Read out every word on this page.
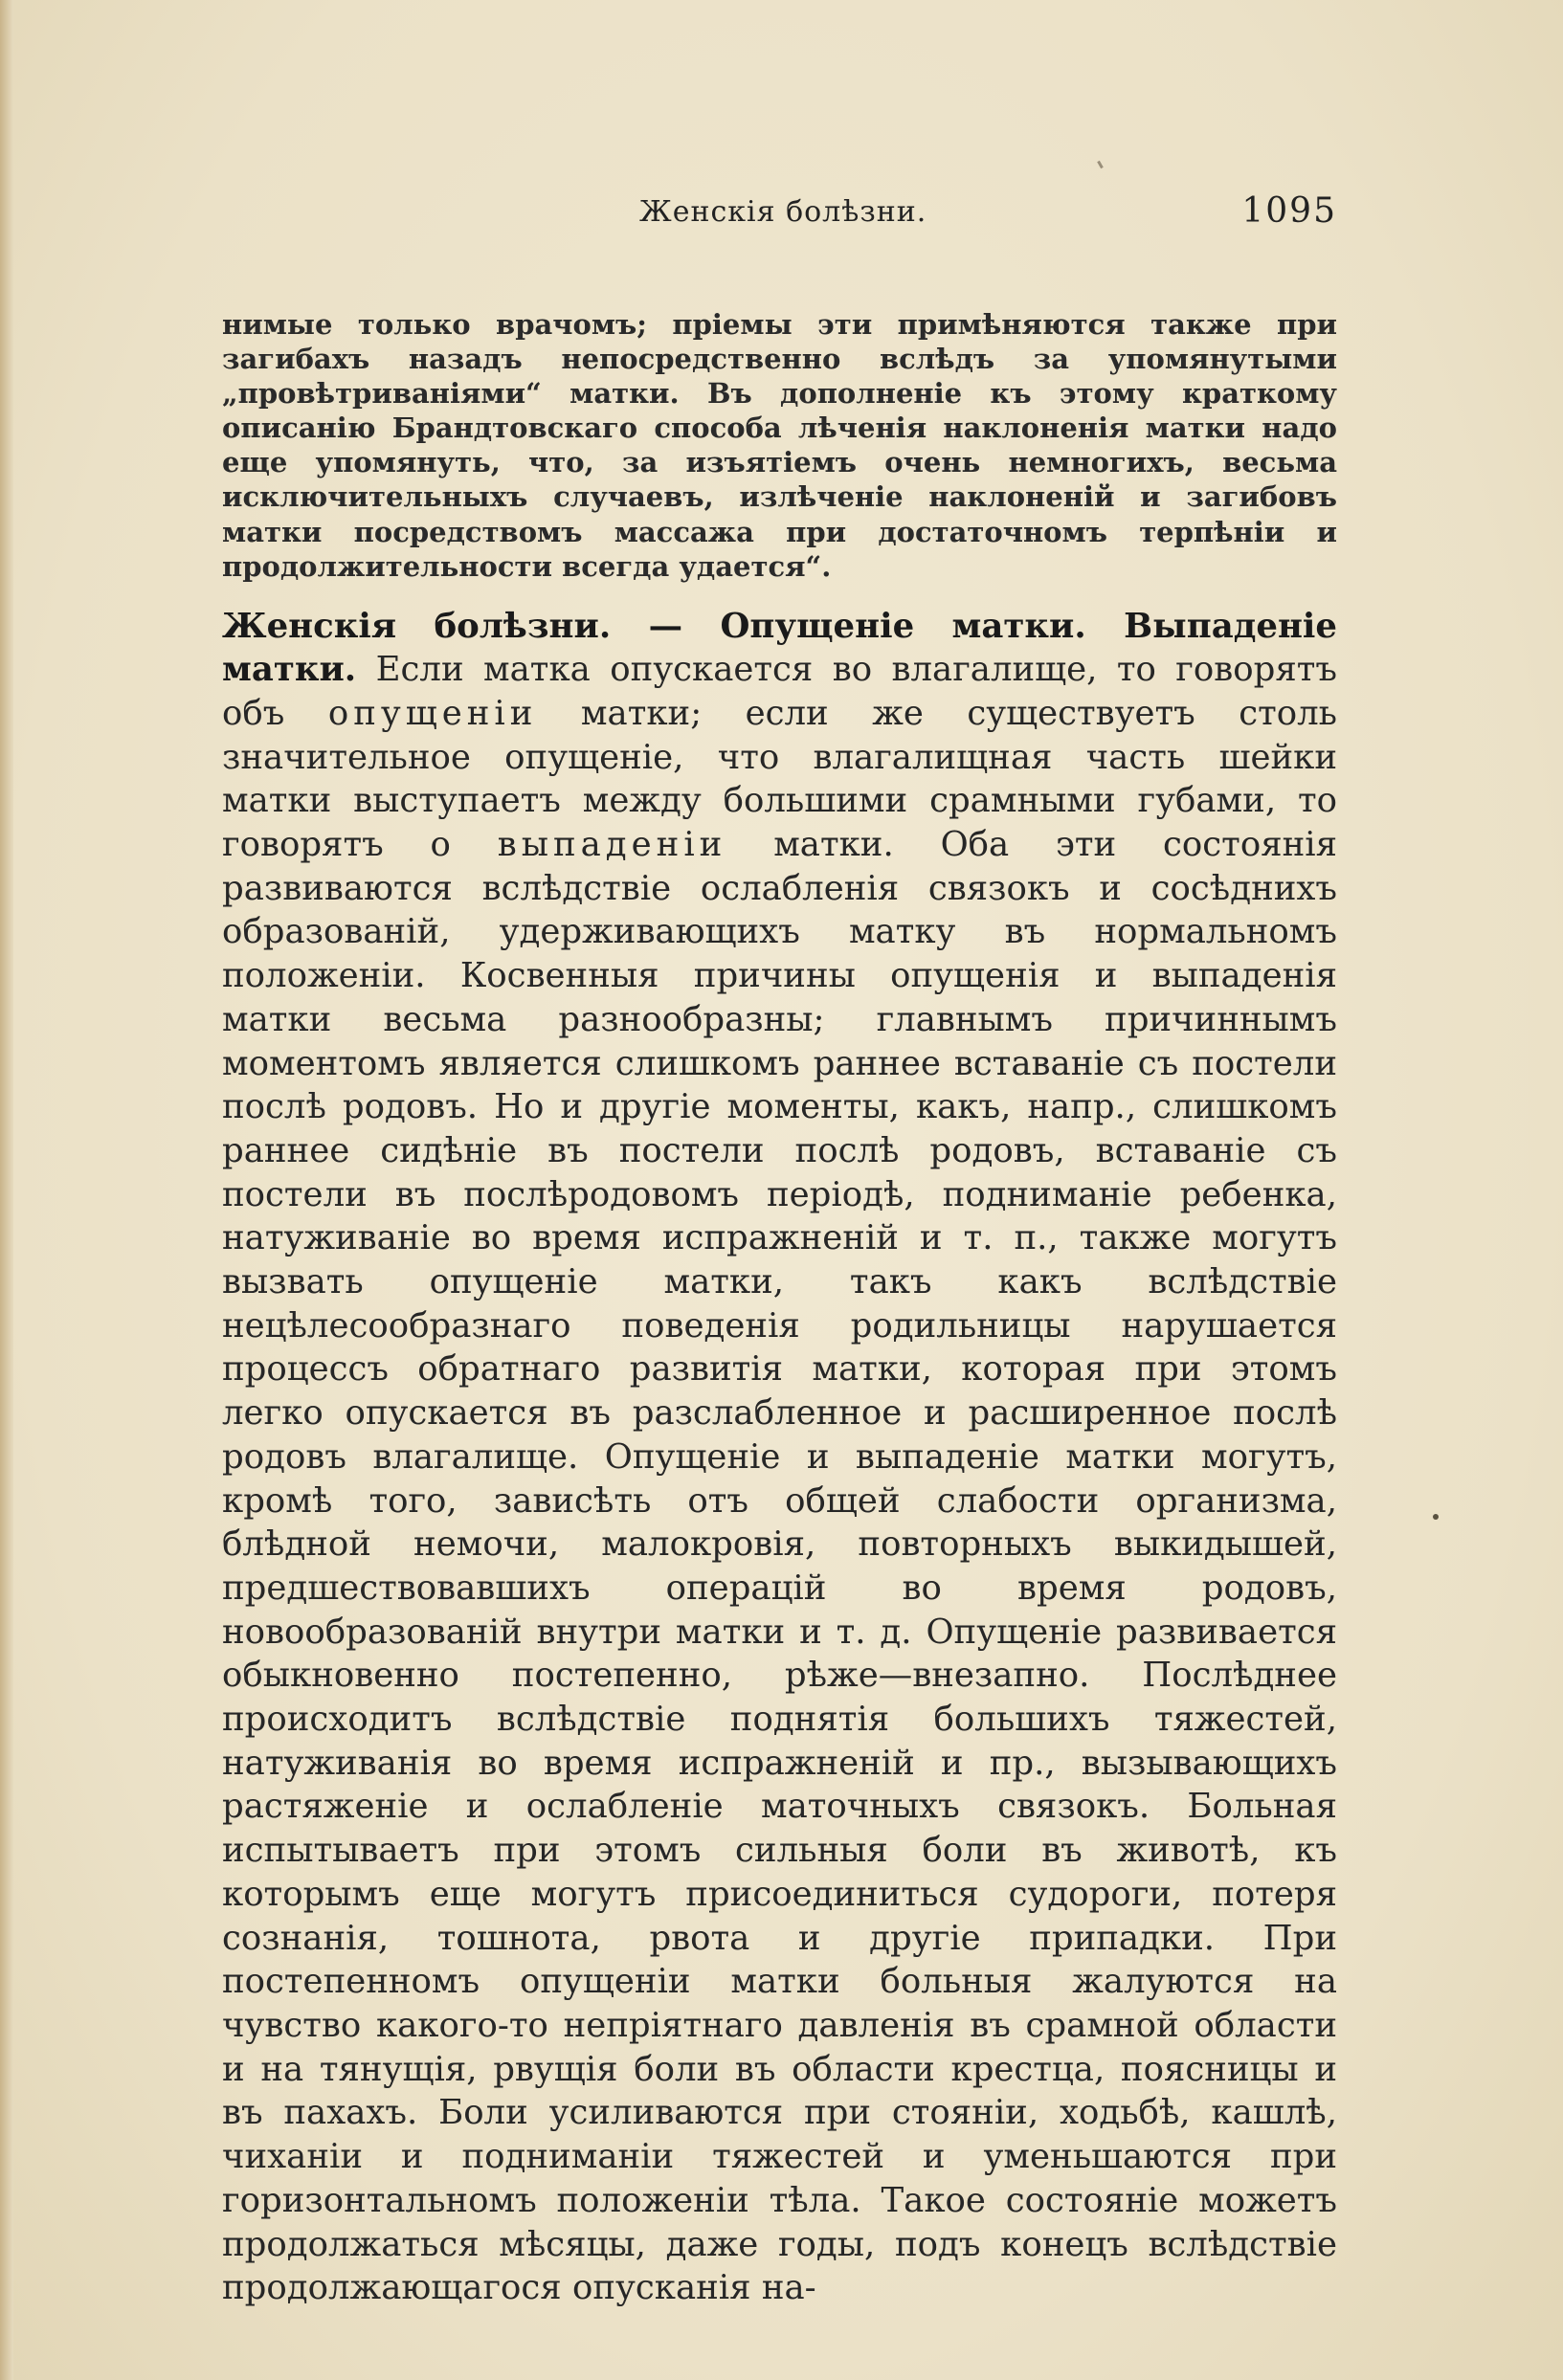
Женскія болѣзни.	1095

нимые только врачомъ; пріемы эти примѣняются также при загибахъ назадъ непосредственно вслѣдъ за упомянутыми „провѣтриваніями“ матки. Въ дополненіе къ этому краткому описанію Брандтовскаго способа лѣченія наклоненія матки надо еще упомянуть, что, за изъятіемъ очень немногихъ, весьма исключительныхъ случаевъ, излѣченіе наклоненій и загибовъ матки посредствомъ массажа при достаточномъ терпѣніи и продолжительности всегда удается“.

Женскія болѣзни. — Опущеніе матки. Выпаденіе матки. Если матка опускается во влагалище, то говорятъ объ опущеніи матки; если же существуетъ столь значительное опущеніе, что влагалищная часть шейки матки выступаетъ между большими срамными губами, то говорятъ о выпаденіи матки. Оба эти состоянія развиваются вслѣдствіе ослабленія связокъ и сосѣднихъ образованій, удерживающихъ матку въ нормальномъ положеніи. Косвенныя причины опущенія и выпаденія матки весьма разнообразны; главнымъ причиннымъ моментомъ является слишкомъ раннее вставаніе съ постели послѣ родовъ. Но и другіе моменты, какъ, напр., слишкомъ раннее сидѣніе въ постели послѣ родовъ, вставаніе съ постели въ послѣродовомъ періодѣ, подниманіе ребенка, натуживаніе во время испражненій и т. п., также могутъ вызвать опущеніе матки, такъ какъ вслѣдствіе нецѣлесообразнаго поведенія родильницы нарушается процессъ обратнаго развитія матки, которая при этомъ легко опускается въ разслабленное и расширенное послѣ родовъ влагалище. Опущеніе и выпаденіе матки могутъ, кромѣ того, зависѣть отъ общей слабости организма, блѣдной немочи, малокровія, повторныхъ выкидышей, предшествовавшихъ операцій во время родовъ, новообразованій внутри матки и т. д. Опущеніе развивается обыкновенно постепенно, рѣже—внезапно. Послѣднее происходитъ вслѣдствіе поднятія большихъ тяжестей, натуживанія во время испражненій и пр., вызывающихъ растяженіе и ослабленіе маточныхъ связокъ. Больная испытываетъ при этомъ сильныя боли въ животѣ, къ которымъ еще могутъ присоединиться судороги, потеря сознанія, тошнота, рвота и другіе припадки. При постепенномъ опущеніи матки больныя жалуются на чувство какого-то непріятнаго давленія въ срамной области и на тянущія, рвущія боли въ области крестца, поясницы и въ пахахъ. Боли усиливаются при стояніи, ходьбѣ, кашлѣ, чиханіи и подниманіи тяжестей и уменьшаются при горизонтальномъ положеніи тѣла. Такое состояніе можетъ продолжаться мѣсяцы, даже годы, подъ конецъ вслѣдствіе продолжающагося опусканія на-
